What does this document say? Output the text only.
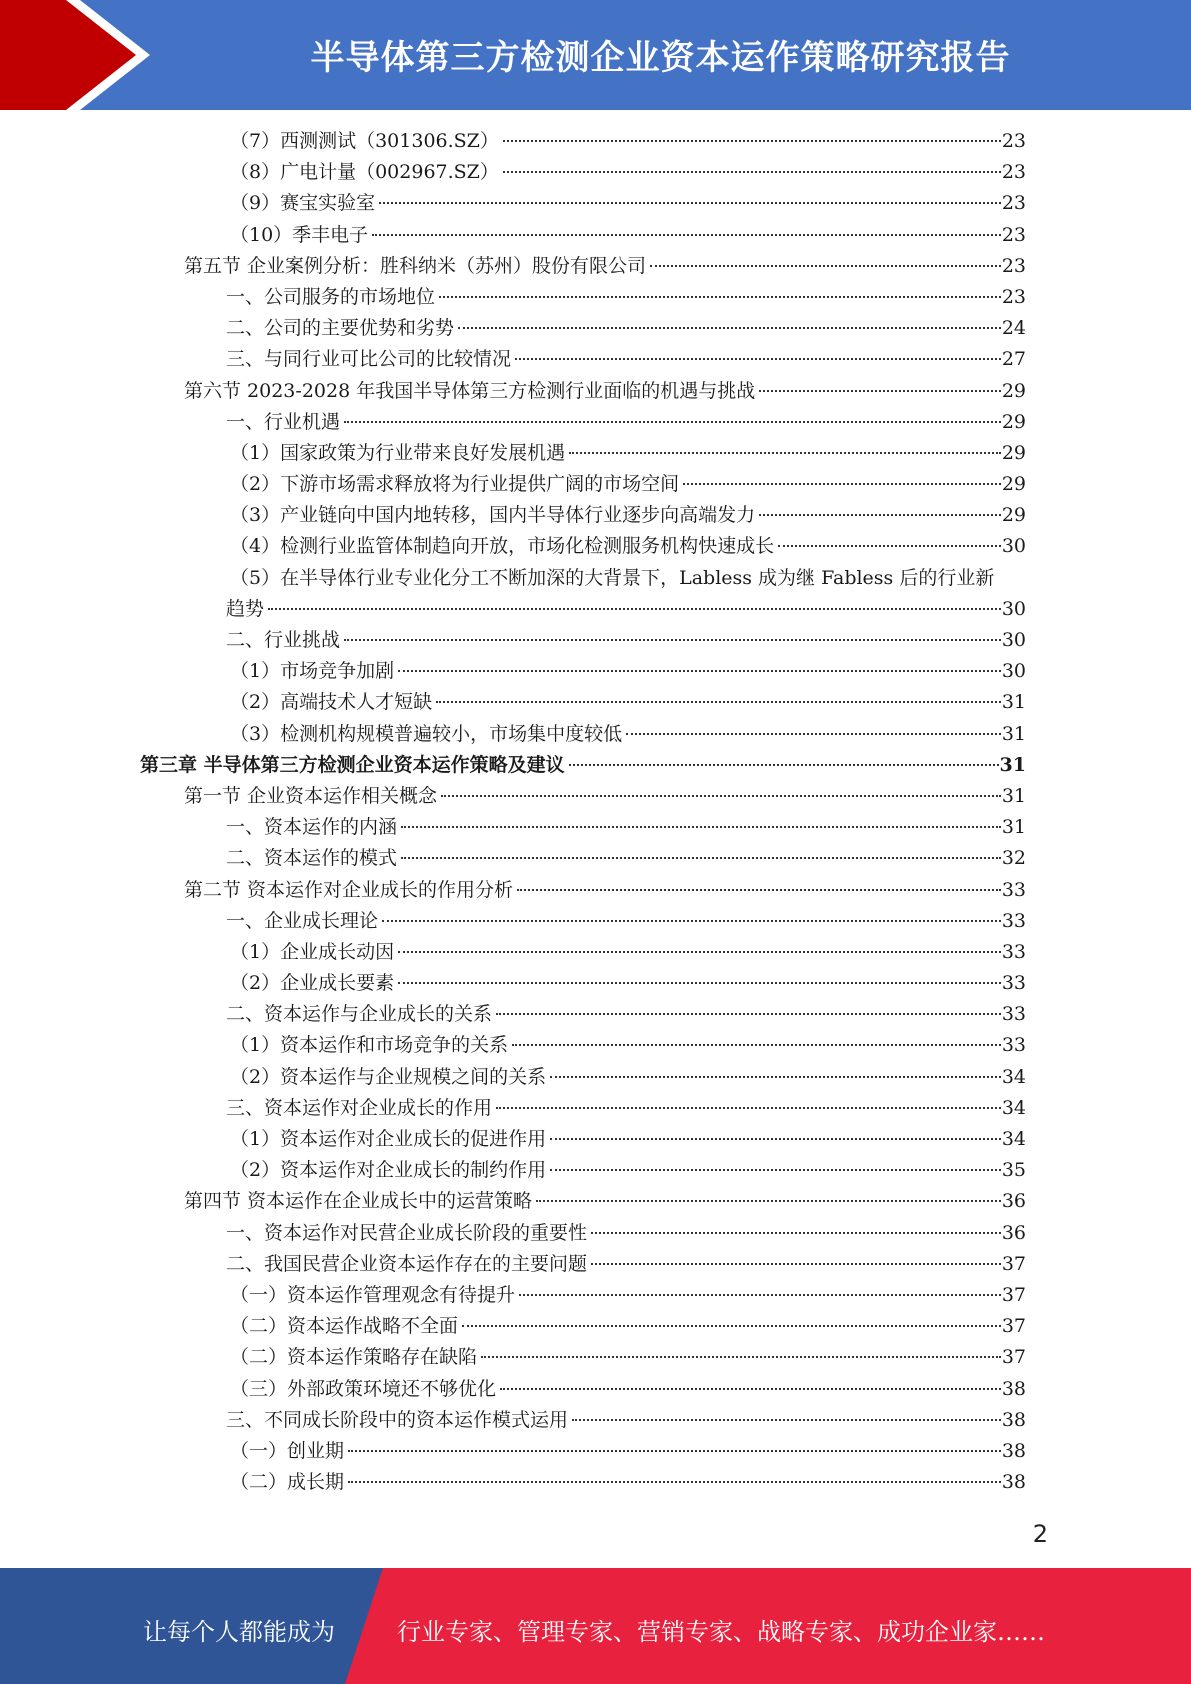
半导体第三方检测企业资本运作策略研究报告
（7）西测测试（301306.SZ）	23
（8）广电计量（002967.SZ）	23
（9）赛宝实验室	23
（10）季丰电子	23
第五节 企业案例分析：胜科纳米（苏州）股份有限公司	23
一、公司服务的市场地位	23
二、公司的主要优势和劣势	24
三、与同行业可比公司的比较情况	27
第六节 2023-2028 年我国半导体第三方检测行业面临的机遇与挑战	29
一、行业机遇	29
（1）国家政策为行业带来良好发展机遇	29
（2）下游市场需求释放将为行业提供广阔的市场空间	29
（3）产业链向中国内地转移，国内半导体行业逐步向高端发力	29
（4）检测行业监管体制趋向开放，市场化检测服务机构快速成长	30
（5）在半导体行业专业化分工不断加深的大背景下，Labless 成为继 Fabless 后的行业新
趋势	30
二、行业挑战	30
（1）市场竞争加剧	30
（2）高端技术人才短缺	31
（3）检测机构规模普遍较小，市场集中度较低	31
第三章 半导体第三方检测企业资本运作策略及建议	31
第一节 企业资本运作相关概念	31
一、资本运作的内涵	31
二、资本运作的模式	32
第二节 资本运作对企业成长的作用分析	33
一、企业成长理论	33
（1）企业成长动因	33
（2）企业成长要素	33
二、资本运作与企业成长的关系	33
（1）资本运作和市场竞争的关系	33
（2）资本运作与企业规模之间的关系	34
三、资本运作对企业成长的作用	34
（1）资本运作对企业成长的促进作用	34
（2）资本运作对企业成长的制约作用	35
第四节 资本运作在企业成长中的运营策略	36
一、资本运作对民营企业成长阶段的重要性	36
二、我国民营企业资本运作存在的主要问题	37
（一）资本运作管理观念有待提升	37
（二）资本运作战略不全面	37
（二）资本运作策略存在缺陷	37
（三）外部政策环境还不够优化	38
三、不同成长阶段中的资本运作模式运用	38
（一）创业期	38
（二）成长期	38
2
让每个人都能成为	行业专家、管理专家、营销专家、战略专家、成功企业家……
